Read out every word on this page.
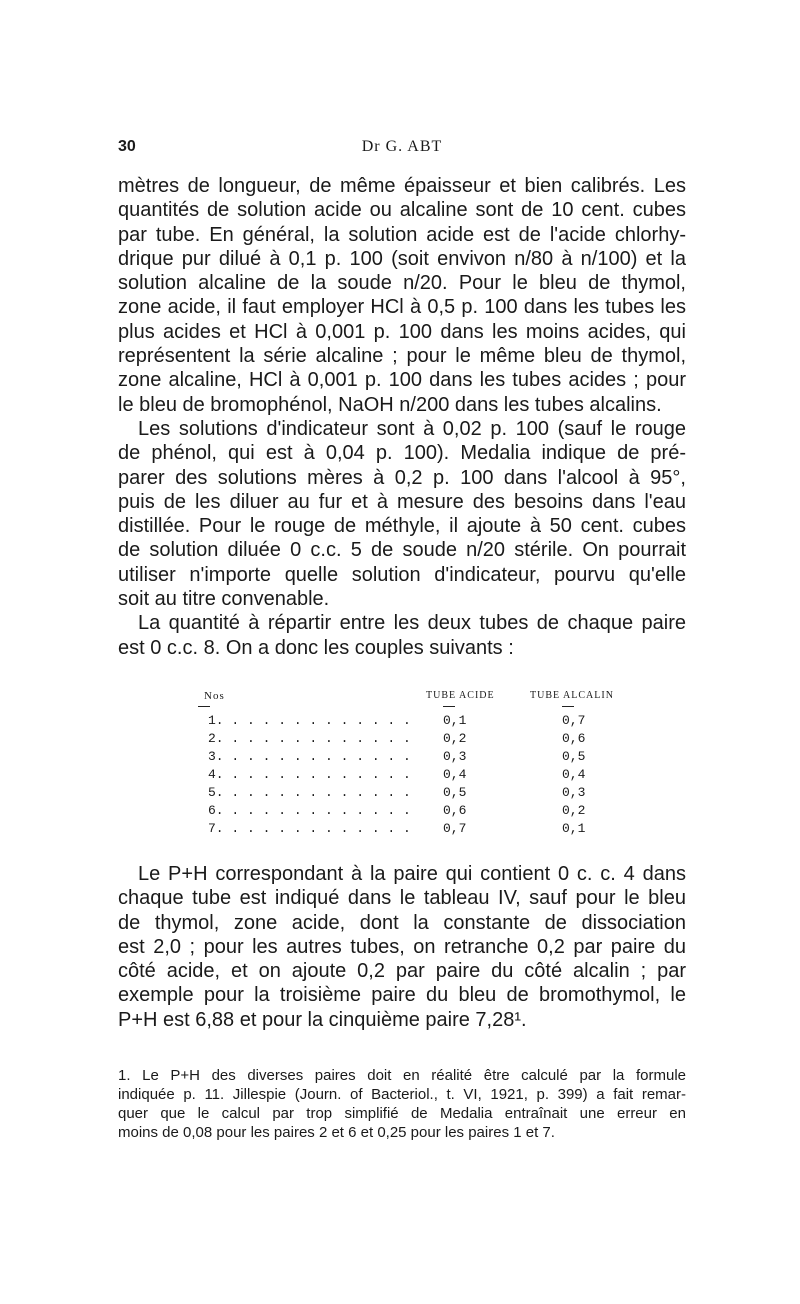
30	Dr G. ABT
mètres de longueur, de même épaisseur et bien calibrés. Les
quantités de solution acide ou alcaline sont de 10 cent. cubes
par tube. En général, la solution acide est de l'acide chlorhy-
drique pur dilué à 0,1 p. 100 (soit envivon n/80 à n/100) et la
solution alcaline de la soude n/20. Pour le bleu de thymol,
zone acide, il faut employer HCl à 0,5 p. 100 dans les tubes les
plus acides et HCl à 0,001 p. 100 dans les moins acides, qui
représentent la série alcaline ; pour le même bleu de thymol,
zone alcaline, HCl à 0,001 p. 100 dans les tubes acides ; pour
le bleu de bromophénol, NaOH n/200 dans les tubes alcalins.
Les solutions d'indicateur sont à 0,02 p. 100 (sauf le rouge
de phénol, qui est à 0,04 p. 100). Medalia indique de pré-
parer des solutions mères à 0,2 p. 100 dans l'alcool à 95°,
puis de les diluer au fur et à mesure des besoins dans l'eau
distillée. Pour le rouge de méthyle, il ajoute à 50 cent. cubes
de solution diluée 0 c.c. 5 de soude n/20 stérile. On pourrait
utiliser n'importe quelle solution d'indicateur, pourvu qu'elle
soit au titre convenable.
La quantité à répartir entre les deux tubes de chaque paire
est 0 c.c. 8. On a donc les couples suivants :
Nos	TUBE ACIDE	TUBE ALCALIN
1. . . . . . . . . . . . . 0,1	0,7
2. . . . . . . . . . . . . 0,2	0,6
3. . . . . . . . . . . . . 0,3	0,5
4. . . . . . . . . . . . . 0,4	0,4
5. . . . . . . . . . . . . 0,5	0,3
6. . . . . . . . . . . . . 0,6	0,2
7. . . . . . . . . . . . . 0,7	0,1
Le P+H correspondant à la paire qui contient 0 c. c. 4 dans
chaque tube est indiqué dans le tableau IV, sauf pour le bleu
de thymol, zone acide, dont la constante de dissociation
est 2,0 ; pour les autres tubes, on retranche 0,2 par paire du
côté acide, et on ajoute 0,2 par paire du côté alcalin ; par
exemple pour la troisième paire du bleu de bromothymol, le
P+H est 6,88 et pour la cinquième paire 7,28¹.
1. Le P+H des diverses paires doit en réalité être calculé par la formule
indiquée p. 11. Jillespie (Journ. of Bacteriol., t. VI, 1921, p. 399) a fait remar-
quer que le calcul par trop simplifié de Medalia entraînait une erreur en
moins de 0,08 pour les paires 2 et 6 et 0,25 pour les paires 1 et 7.
